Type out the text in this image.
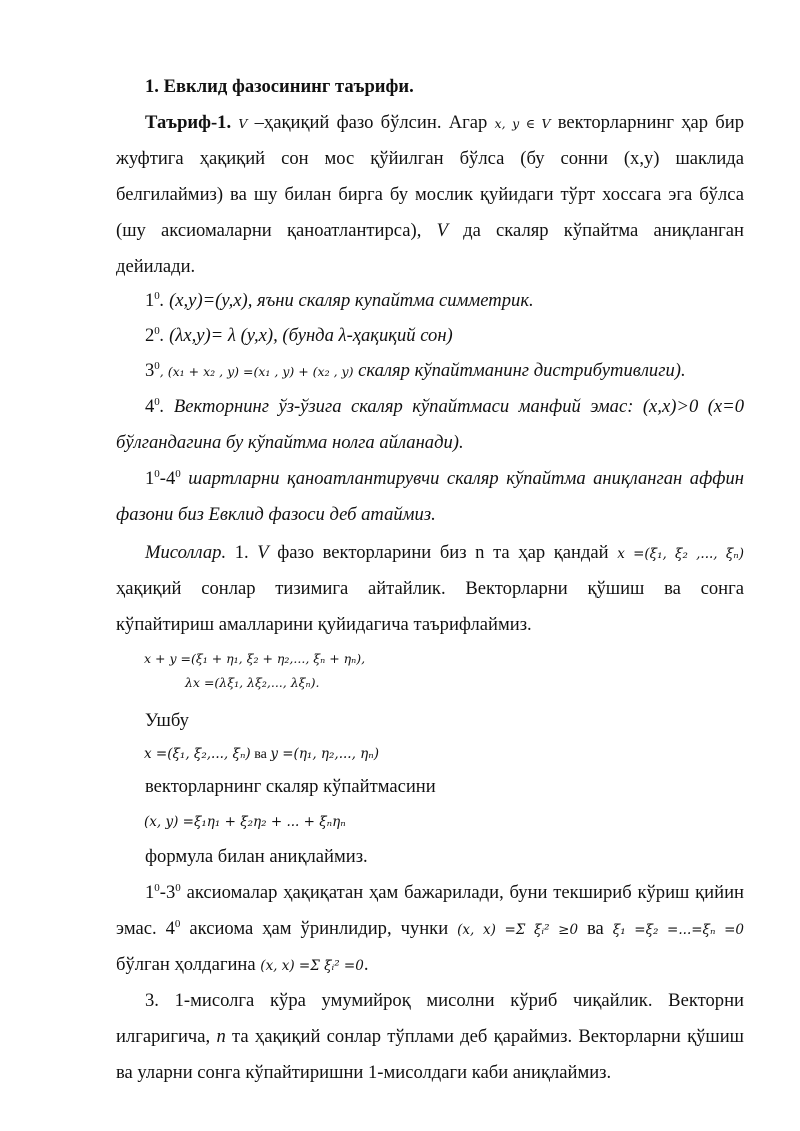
1. Евклид фазосининг таърифи.
Таъриф-1. V –ҳақиқий фазо бўлсин. Агар x, y ∈ V векторларнинг ҳар бир
жуфтига ҳақиқий сон мос қўйилган бўлса (бу сонни (x,y) шаклида
белгилаймиз) ва шу билан бирга бу мослик қуйидаги тўрт хоссага эга бўлса
(шу аксиомаларни қаноатлантирса), V да скаляр кўпайтма аниқланган
дейилади.
$1^0$. (x,y)=(y,x), яъни скаляр купайтма симметрик.
$2^0$. (λx,y)= λ (y,x), (бунда λ-ҳақиқий сон)
$3^0$, (x₁ + x₂ , y) =(x₁ , y) + (x₂ , y) скаляр кўпайтманинг дистрибутивлиги).
$4^0$. Векторнинг ўз-ўзига скаляр кўпайтмаси манфий эмас: (x,x)>0 (x=0
бўлгандагина бу кўпайтма нолга айланади).
$1^0-4^0$ шартларни қаноатлантирувчи скаляр кўпайтма аниқланган аффин
фазони биз Евклид фазоси деб атаймиз.
Мисоллар. 1. V фазо векторларини биз n та ҳар қандай x =(ξ₁, ξ₂ ,..., ξₙ)
ҳақиқий сонлар тизимига айтайлик. Векторларни қўшиш ва сонга
кўпайтириш амалларини қуйидагича таърифлаймиз.
x + y =(ξ₁ + η₁, ξ₂ + η₂,..., ξₙ + ηₙ),
λx =(λξ₁, λξ₂,..., λξₙ).
Ушбу
x =(ξ₁, ξ₂,..., ξₙ) ва y =(η₁, η₂,..., ηₙ)
векторларнинг скаляр кўпайтмасини
(x, y) =ξ₁η₁ + ξ₂η₂ + ... + ξₙηₙ
формула билан аниқлаймиз.
$1^0-3^0$ аксиомалар ҳақиқатан ҳам бажарилади, буни текшириб кўриш қийин
эмас. $4^0$ аксиома ҳам ўринлидир, чунки (x, x) =Σ ξᵢ² ≥0 ва ξ₁ =ξ₂ =...=ξₙ =0
бўлган ҳолдагина (x, x) =Σ ξᵢ² =0.
3. 1-мисолга кўра умумийроқ мисолни кўриб чиқайлик. Векторни
илгаригича, n та ҳақиқий сонлар тўплами деб қараймиз. Векторларни қўшиш
ва уларни сонга кўпайтиришни 1-мисолдаги каби аниқлаймиз.
